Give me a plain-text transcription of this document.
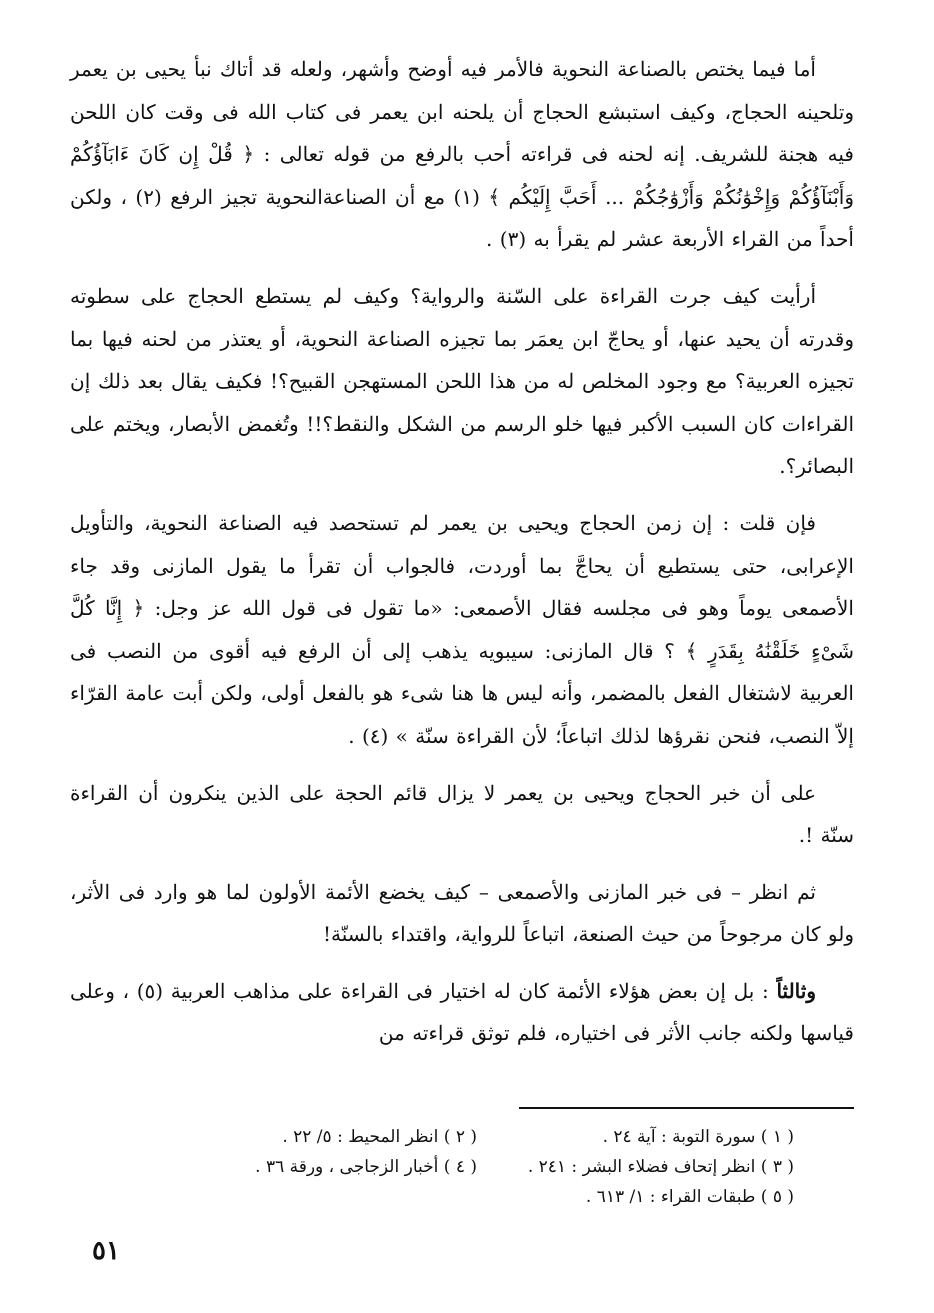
أما فيما يختص بالصناعة النحوية فالأمر فيه أوضح وأشهر، ولعله قد أتاك نبأ يحيى بن يعمر وتلحينه الحجاج، وكيف استبشع الحجاج أن يلحنه ابن يعمر فى كتاب الله فى وقت كان اللحن فيه هجنة للشريف. إنه لحنه فى قراءته أحب بالرفع من قوله تعالى : ﴿ قُلْ إِن كَانَ ءَابَآؤُكُمْ وَأَبْنَآؤُكُمْ وَإِخْوَٰنُكُمْ وَأَزْوَٰجُكُمْ ... أَحَبَّ إِلَيْكُم ﴾ (١) مع أن الصناعةالنحوية تجيز الرفع (٢) ، ولكن أحداً من القراء الأربعة عشر لم يقرأ به (٣) .

أرأيت كيف جرت القراءة على السّنة والرواية؟ وكيف لم يستطع الحجاج على سطوته وقدرته أن يحيد عنها، أو يحاجّ ابن يعمَر بما تجيزه الصناعة النحوية، أو يعتذر من لحنه فيها بما تجيزه العربية؟ مع وجود المخلص له من هذا اللحن المستهجن القبيح؟! فكيف يقال بعد ذلك إن القراءات كان السبب الأكبر فيها خلو الرسم من الشكل والنقط؟!! وتُغمض الأبصار، ويختم على البصائر؟.

فإن قلت : إن زمن الحجاج ويحيى بن يعمر لم تستحصد فيه الصناعة النحوية، والتأويل الإعرابى، حتى يستطيع أن يحاجَّ بما أوردت، فالجواب أن تقرأ ما يقول المازنى وقد جاء الأصمعى يوماً وهو فى مجلسه فقال الأصمعى: «ما تقول فى قول الله عز وجل: ﴿ إِنَّا كُلَّ شَىْءٍ خَلَقْنَٰهُ بِقَدَرٍ ﴾ ؟ قال المازنى: سيبويه يذهب إلى أن الرفع فيه أقوى من النصب فى العربية لاشتغال الفعل بالمضمر، وأنه ليس ها هنا شىء هو بالفعل أولى، ولكن أبت عامة القرّاء إلاّ النصب، فنحن نقرؤها لذلك اتباعاً؛ لأن القراءة سنّة » (٤) .

على أن خبر الحجاج ويحيى بن يعمر لا يزال قائم الحجة على الذين ينكرون أن القراءة سنّة !.

ثم انظر – فى خبر المازنى والأصمعى – كيف يخضع الأئمة الأولون لما هو وارد فى الأثر، ولو كان مرجوحاً من حيث الصنعة، اتباعاً للرواية، واقتداء بالسنّة!

وثالثاً : بل إن بعض هؤلاء الأئمة كان له اختيار فى القراءة على مذاهب العربية (٥) ، وعلى قياسها ولكنه جانب الأثر فى اختياره، فلم توثق قراءته من

( ١ ) سورة التوبة : آية ٢٤ .
( ٢ ) انظر المحيط : ٥/ ٢٢ .
( ٣ ) انظر إتحاف فضلاء البشر : ٢٤١ .
( ٤ ) أخبار الزجاجى ، ورقة ٣٦ .
( ٥ ) طبقات القراء : ١/ ٦١٣ .
٥١
